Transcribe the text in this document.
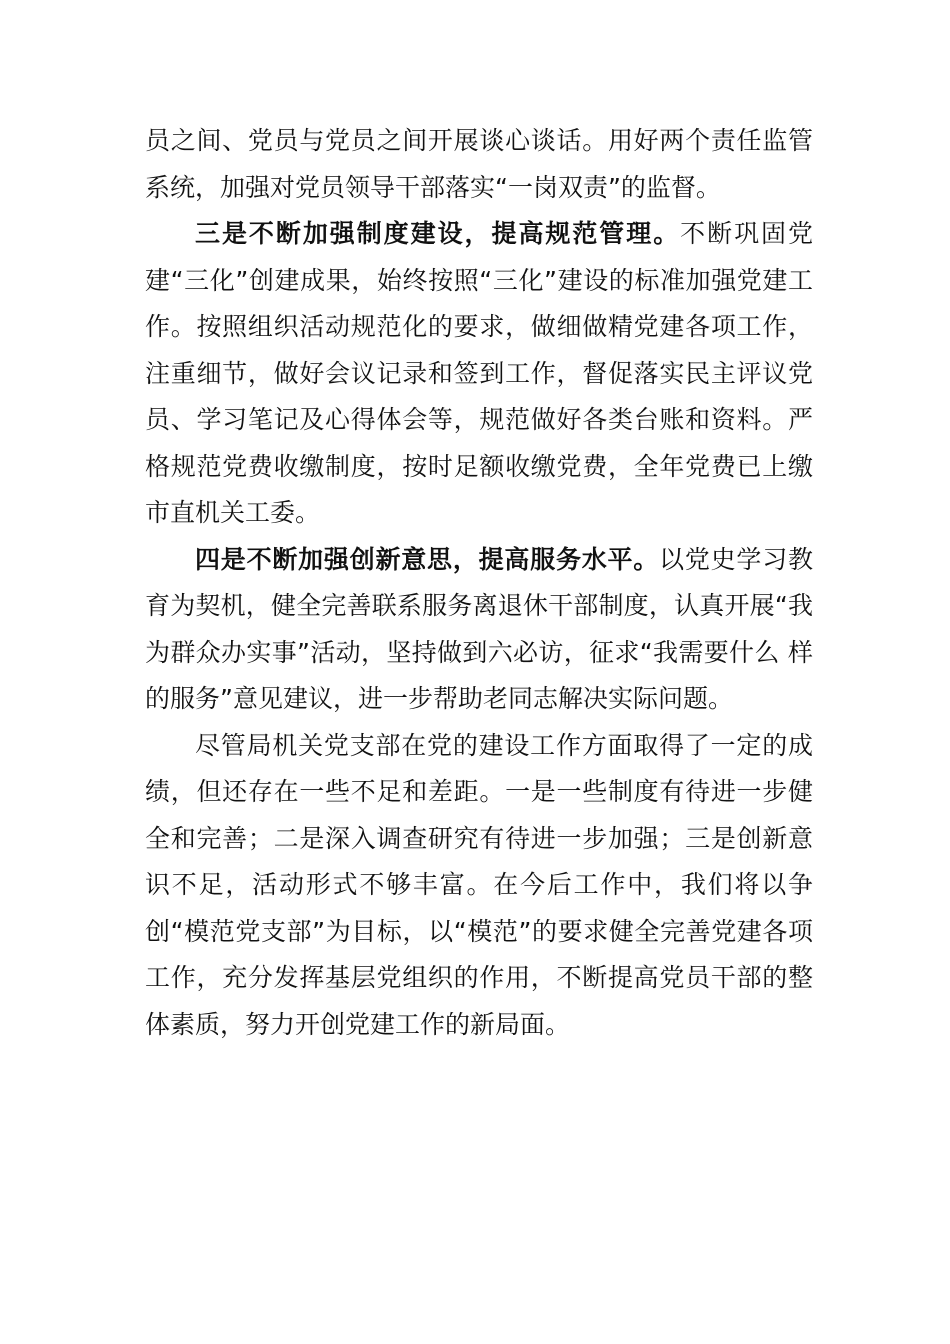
员之间、党员与党员之间开展谈心谈话。用好两个责任监管系统，加强对党员领导干部落实“一岗双责”的监督。

三是不断加强制度建设，提高规范管理。不断巩固党建“三化”创建成果，始终按照“三化”建设的标准加强党建工作。按照组织活动规范化的要求，做细做精党建各项工作， 注重细节，做好会议记录和签到工作，督促落实民主评议党员、学习笔记及心得体会等，规范做好各类台账和资料。严格规范党费收缴制度，按时足额收缴党费，全年党费已上缴市直机关工委。

四是不断加强创新意思，提高服务水平。以党史学习教育为契机，健全完善联系服务离退休干部制度，认真开展“我 为群众办实事”活动，坚持做到六必访，征求“我需要什么 样的服务”意见建议，进一步帮助老同志解决实际问题。

尽管局机关党支部在党的建设工作方面取得了一定的成绩，但还存在一些不足和差距。一是一些制度有待进一步健全和完善；二是深入调查研究有待进一步加强；三是创新意识不足，活动形式不够丰富。在今后工作中，我们将以争创“模范党支部”为目标，以“模范”的要求健全完善党建各项工作，充分发挥基层党组织的作用，不断提高党员干部的整体素质，努力开创党建工作的新局面。
